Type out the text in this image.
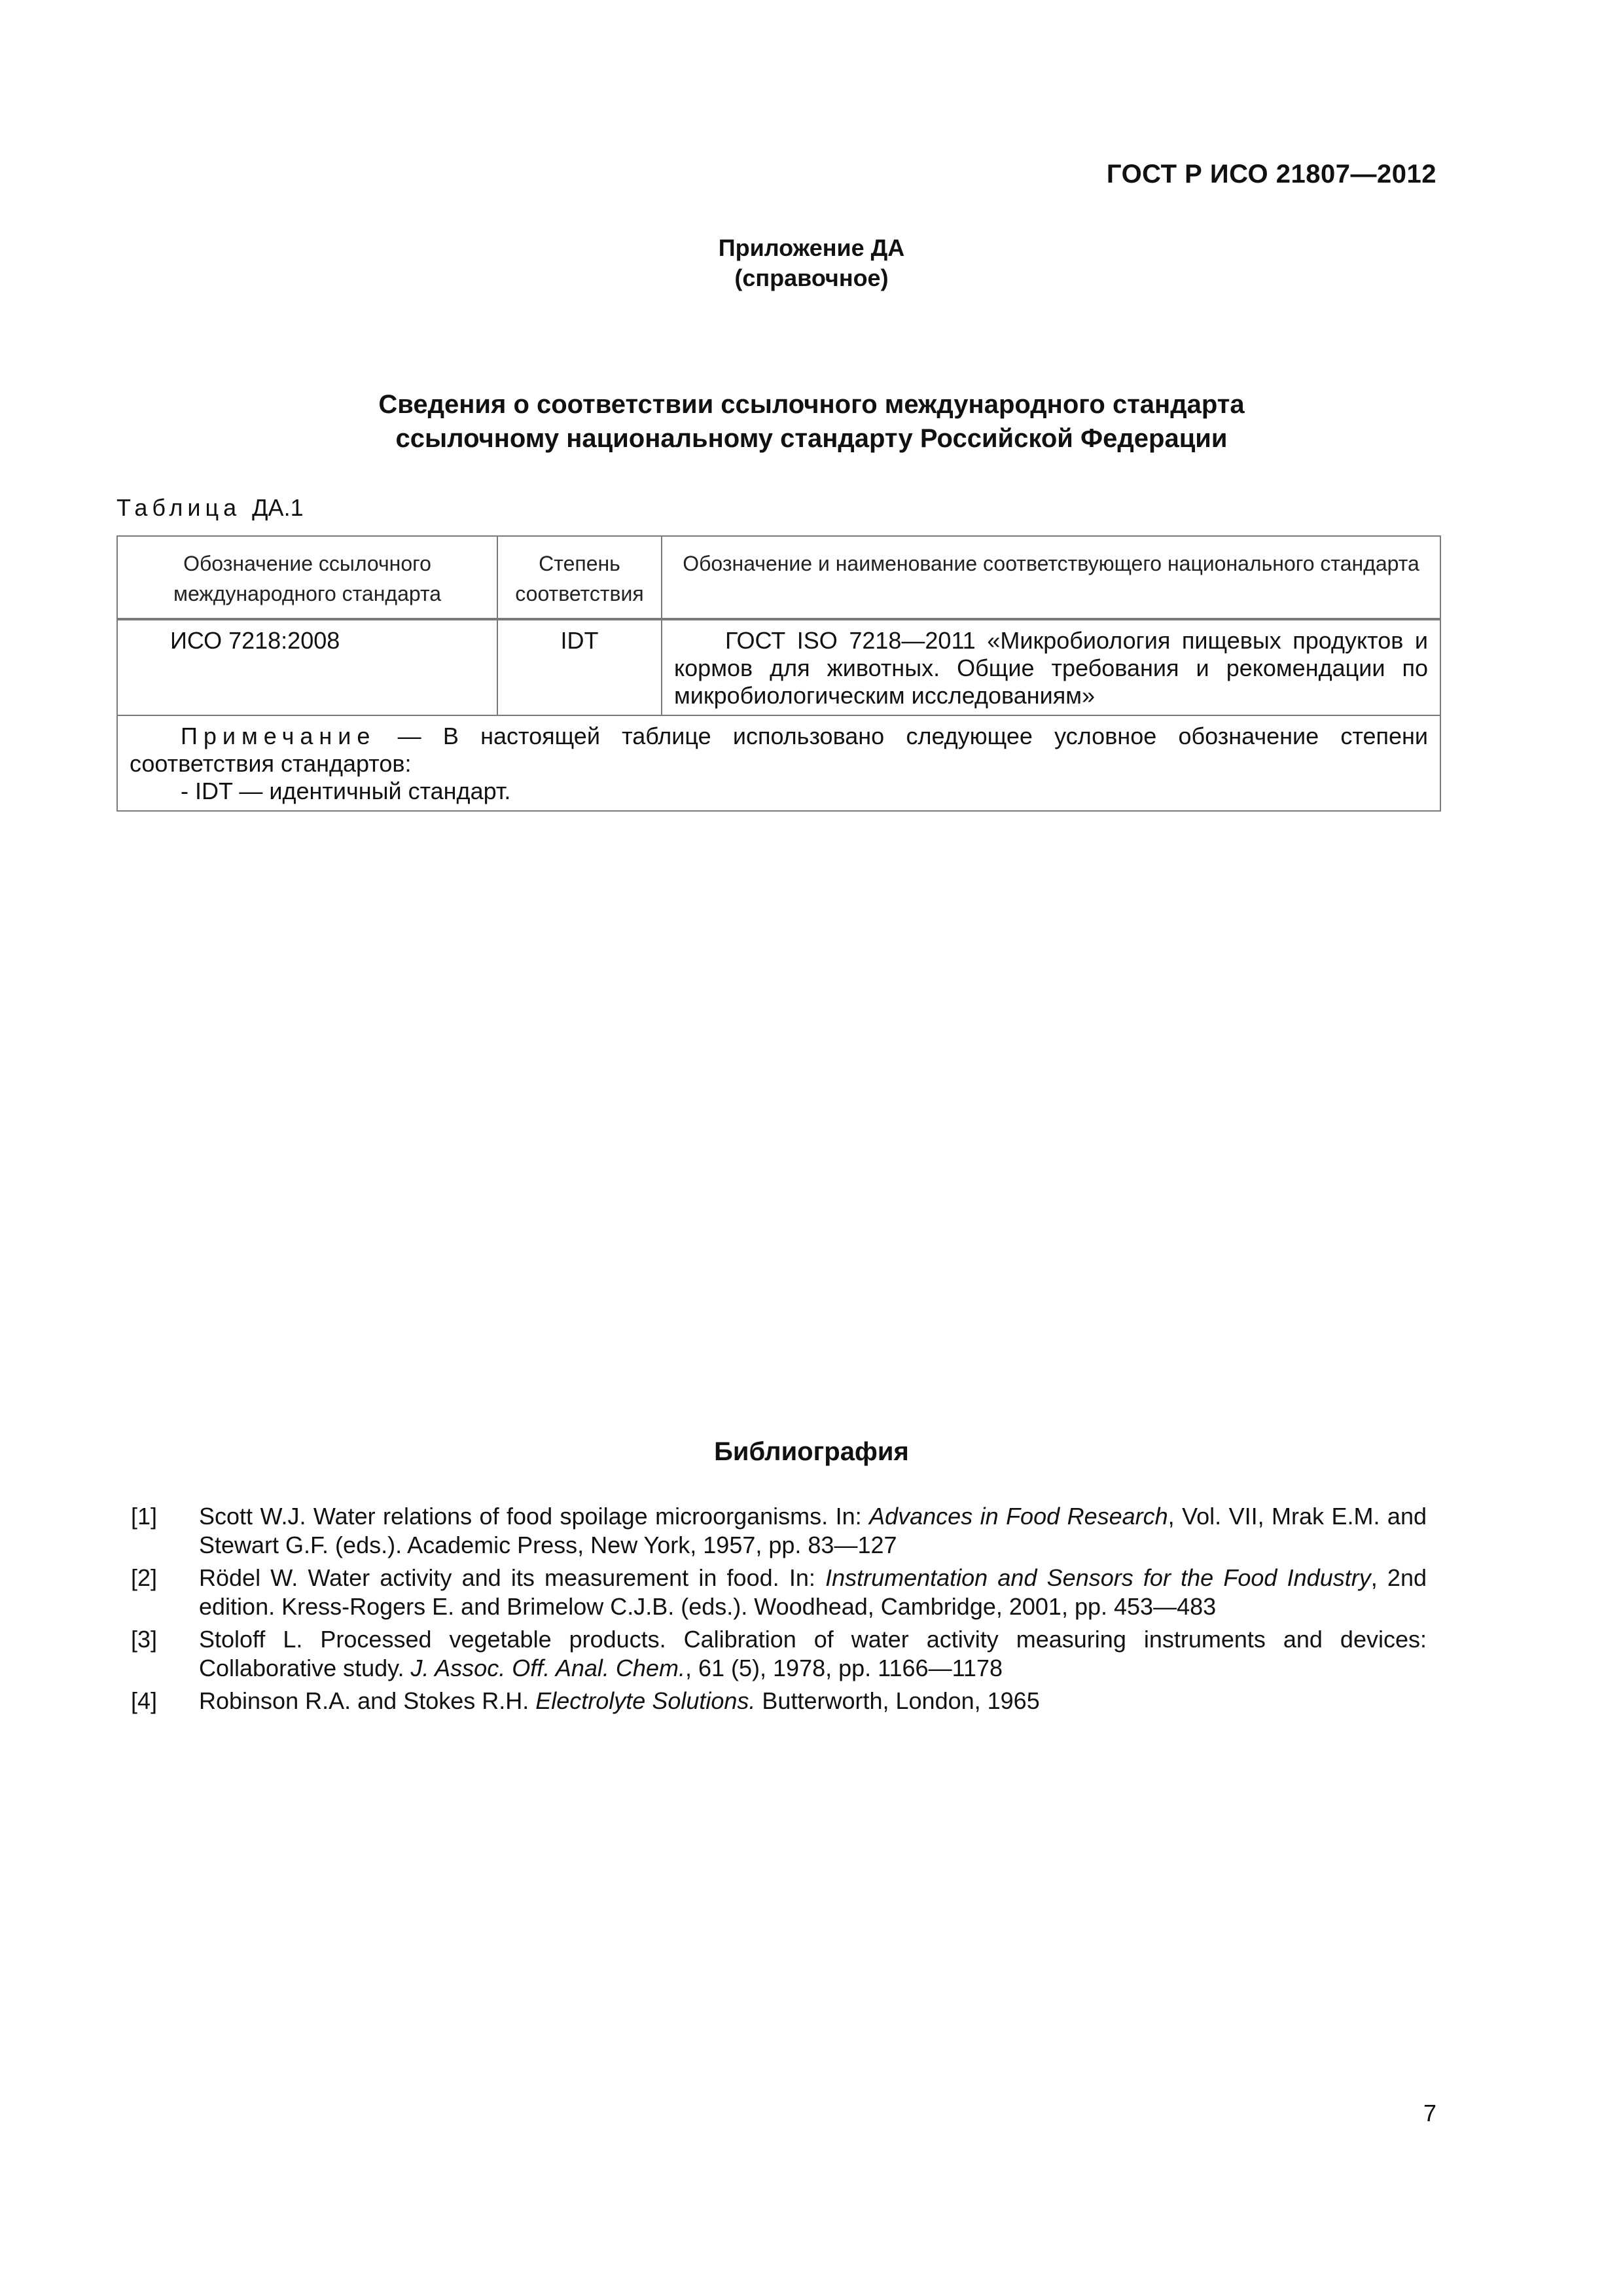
ГОСТ Р ИСО 21807—2012
Приложение ДА
(справочное)
Сведения о соответствии ссылочного международного стандарта
ссылочному национальному стандарту Российской Федерации
Таблица ДА.1
Обозначение ссылочного международного стандарта	Степень соответствия	Обозначение и наименование соответствующего национального стандарта
ИСО 7218:2008	IDT	ГОСТ ISO 7218—2011 «Микробиология пищевых продуктов и кормов для животных. Общие требования и рекомендации по микробиологическим исследованиям»

Примечание — В настоящей таблице использовано следующее условное обозначение степени соответствия стандартов:

- IDT — идентичный стандарт.		
Библиография
[1]	Scott W.J. Water relations of food spoilage microorganisms. In: Advances in Food Research, Vol. VII, Mrak E.M. and Stewart G.F. (eds.). Academic Press, New York, 1957, pp. 83—127
[2]	Rödel W. Water activity and its measurement in food. In: Instrumentation and Sensors for the Food Industry, 2nd edition. Kress-Rogers E. and Brimelow C.J.B. (eds.). Woodhead, Cambridge, 2001, pp. 453—483
[3]	Stoloff L. Processed vegetable products. Calibration of water activity measuring instruments and devices: Collaborative study. J. Assoc. Off. Anal. Chem., 61 (5), 1978, pp. 1166—1178
[4]	Robinson R.A. and Stokes R.H. Electrolyte Solutions. Butterworth, London, 1965
7
